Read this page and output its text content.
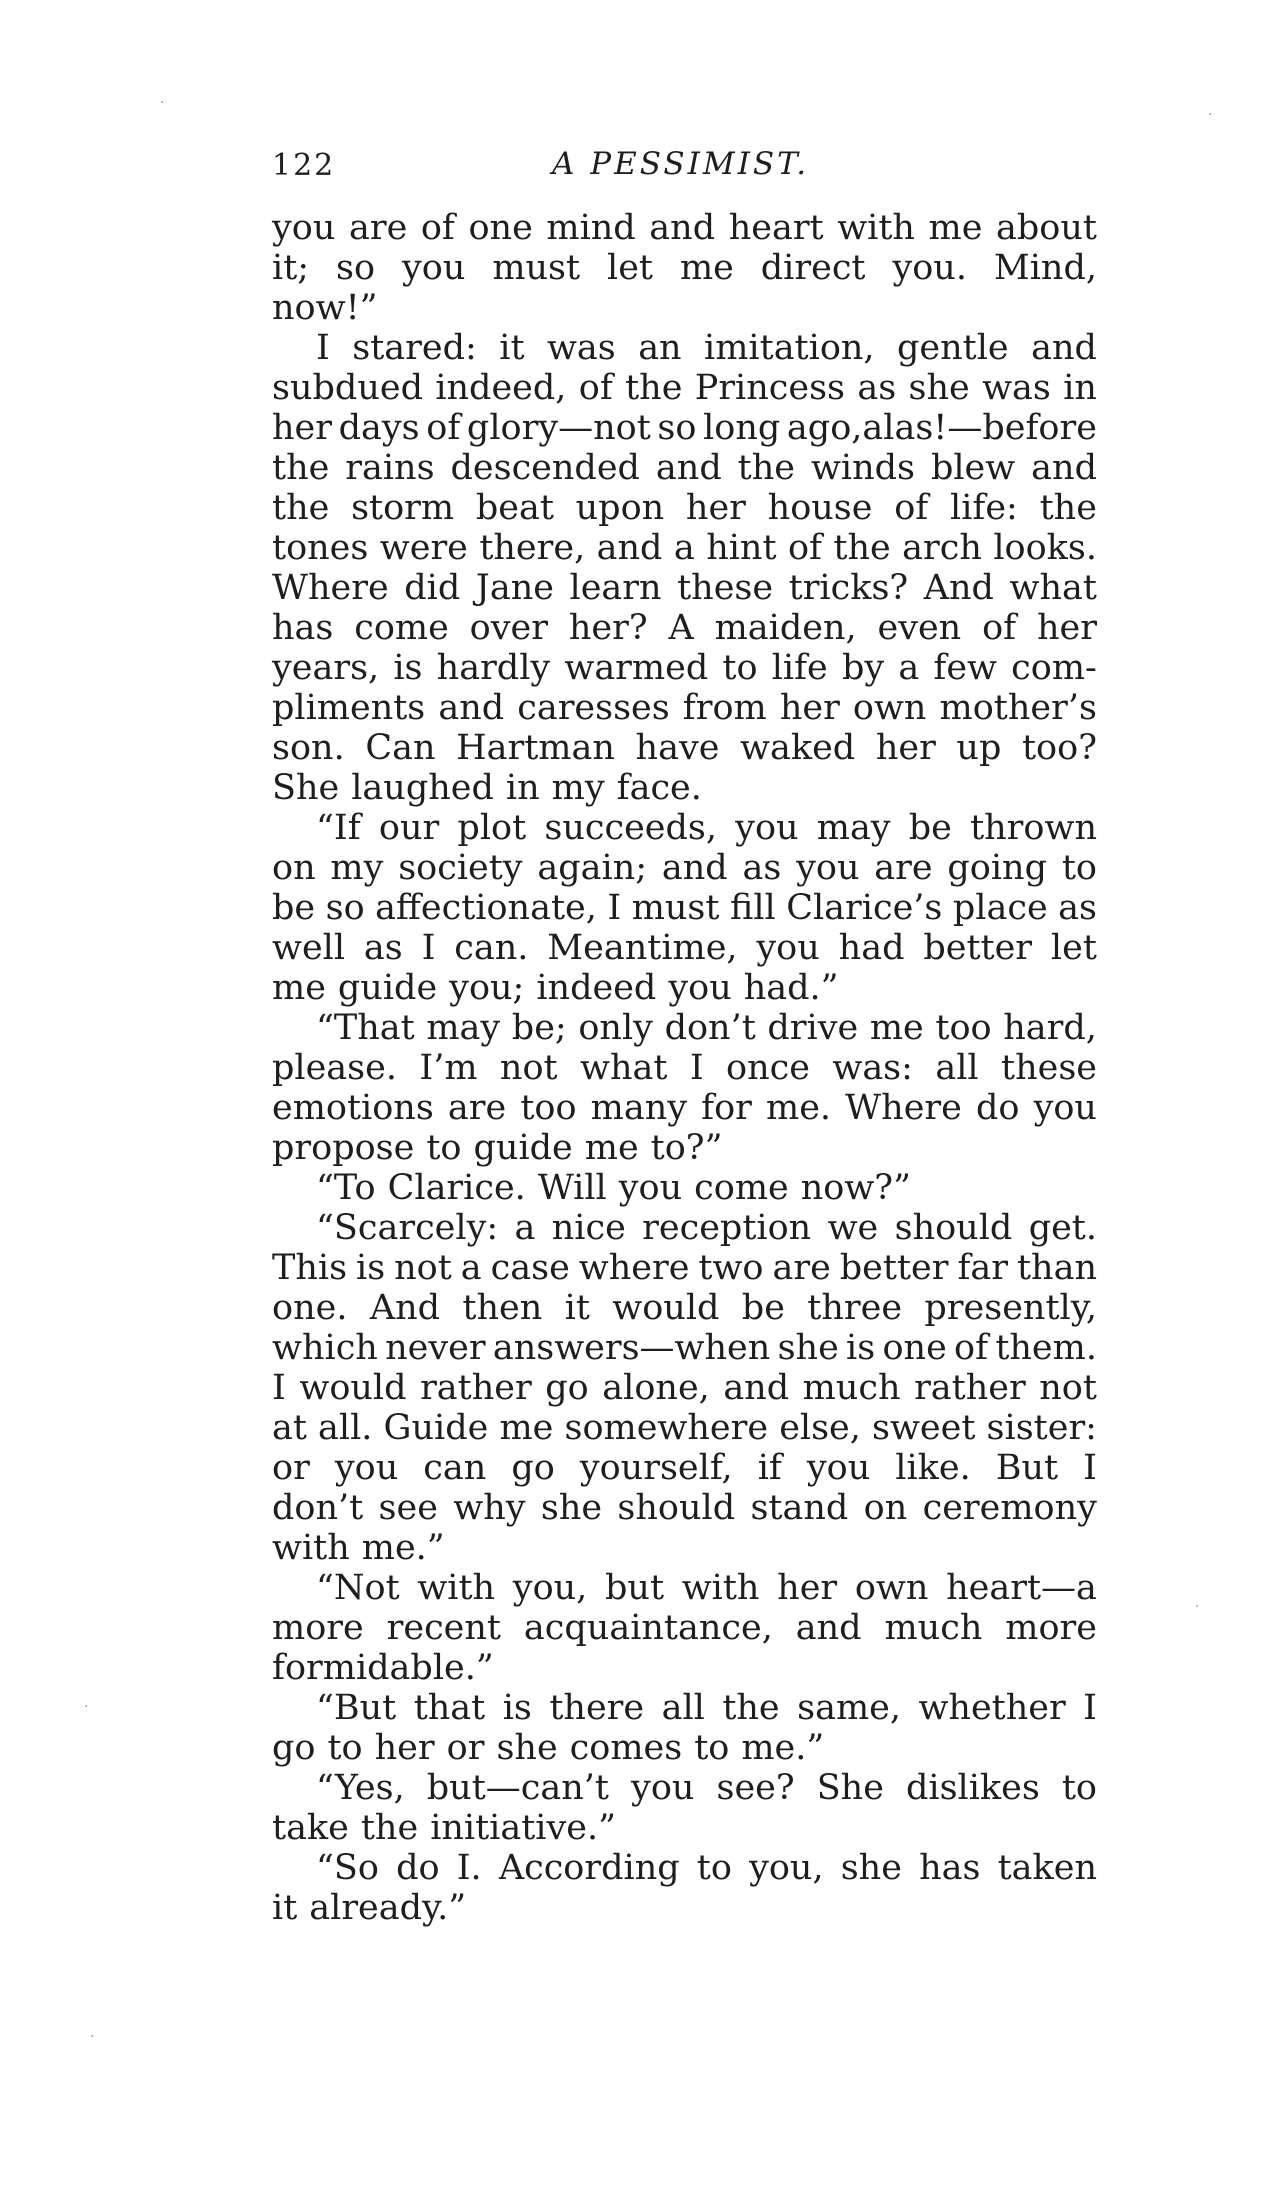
122	A PESSIMIST.
you are of one mind and heart with me about
it; so you must let me direct you. Mind,
now!”
I stared: it was an imitation, gentle and
subdued indeed, of the Princess as she was in
her days of glory—not so long ago,alas!—before
the rains descended and the winds blew and
the storm beat upon her house of life: the
tones were there, and a hint of the arch looks.
Where did Jane learn these tricks? And what
has come over her? A maiden, even of her
years, is hardly warmed to life by a few com-
pliments and caresses from her own mother’s
son. Can Hartman have waked her up too?
She laughed in my face.
“If our plot succeeds, you may be thrown
on my society again; and as you are going to
be so affectionate, I must fill Clarice’s place as
well as I can. Meantime, you had better let
me guide you; indeed you had.”
“That may be; only don’t drive me too hard,
please. I’m not what I once was: all these
emotions are too many for me. Where do you
propose to guide me to?”
“To Clarice. Will you come now?”
“Scarcely: a nice reception we should get.
This is not a case where two are better far than
one. And then it would be three presently,
which never answers—when she is one of them.
I would rather go alone, and much rather not
at all. Guide me somewhere else, sweet sister:
or you can go yourself, if you like. But I
don’t see why she should stand on ceremony
with me.”
“Not with you, but with her own heart—a
more recent acquaintance, and much more
formidable.”
“But that is there all the same, whether I
go to her or she comes to me.”
“Yes, but—can’t you see? She dislikes to
take the initiative.”
“So do I. According to you, she has taken
it already.”
·
·
·
·
·
